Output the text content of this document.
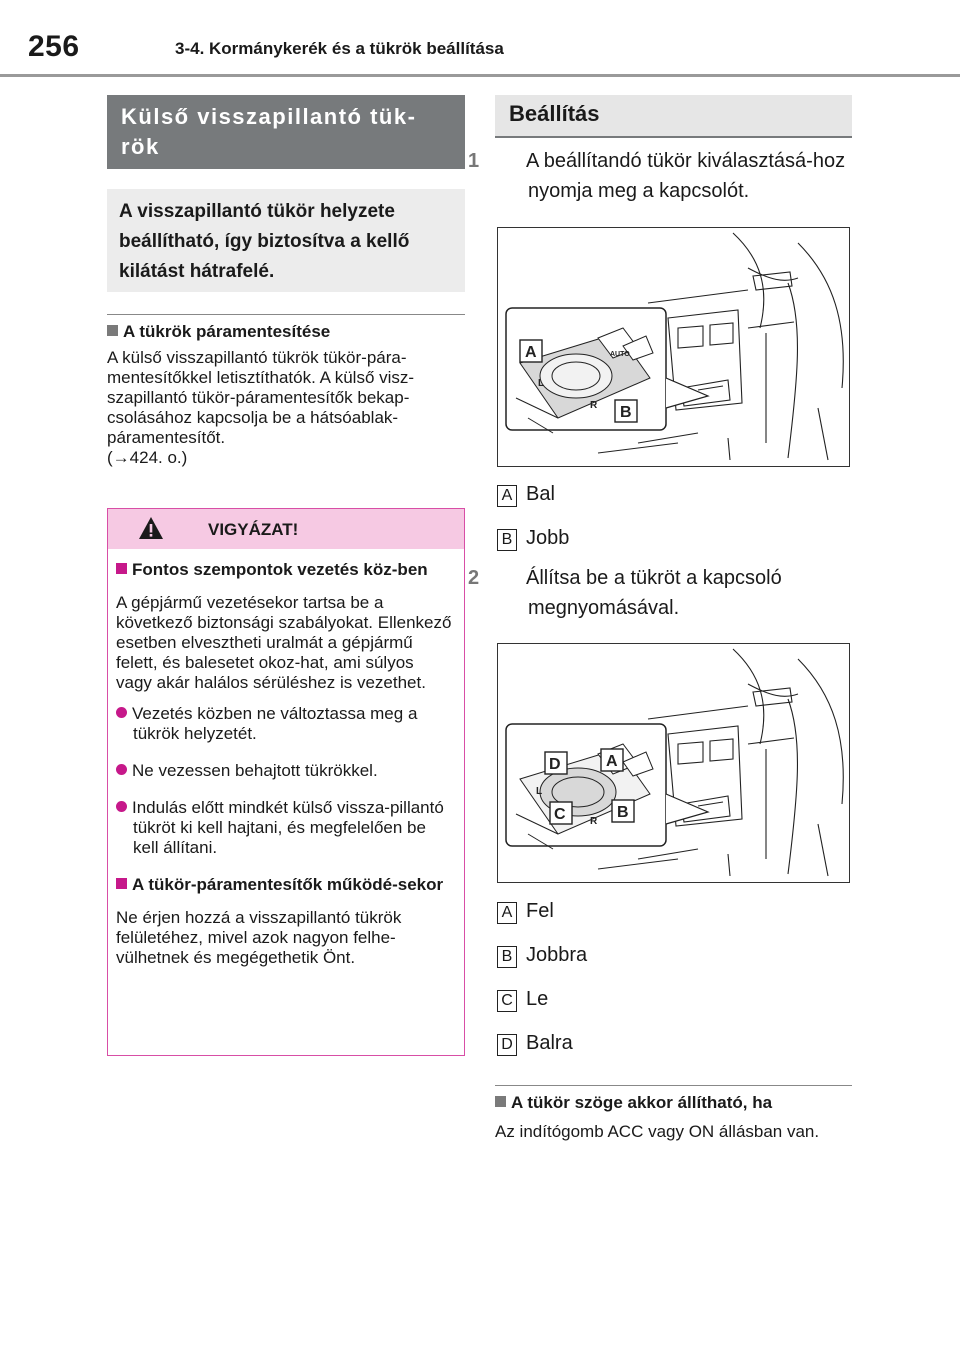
256	3-4. Kormánykerék és a tükrök beállítása
Külső visszapillantó tük-rök
A visszapillantó tükör helyzete beállítható, így biztosítva a kellő kilátást hátrafelé.
A tükrök páramentesítése
A külső visszapillantó tükrök tükör-pára-mentesítőkkel letisztíthatók. A külső visz-szapillantó tükör-páramentesítők bekap-csolásához kapcsolja be a hátsóablak-páramentesítőt.
(→424. o.)
VIGYÁZAT!
Fontos szempontok vezetés köz-ben
A gépjármű vezetésekor tartsa be a következő biztonsági szabályokat. Ellenkező esetben elvesztheti uralmát a gépjármű felett, és balesetet okoz-hat, ami súlyos vagy akár halálos sérüléshez is vezethet.
Vezetés közben ne változtassa meg a tükrök helyzetét.
Ne vezessen behajtott tükrökkel.
Indulás előtt mindkét külső vissza-pillantó tükröt ki kell hajtani, és megfelelően be kell állítani.
A tükör-páramentesítők működé-sekor
Ne érjen hozzá a visszapillantó tükrök felületéhez, mivel azok nagyon felhe-vülhetnek és megégethetik Önt.
Beállítás
1 A beállítandó tükör kiválasztásá-hoz nyomja meg a kapcsolót.
L
R
AUTO
A
B
A Bal
B Jobb
2 Állítsa be a tükröt a kapcsoló megnyomásával.
L
R
D	A
C	B
A Fel
B Jobbra
C Le
D Balra
A tükör szöge akkor állítható, ha
Az indítógomb ACC vagy ON állásban van.
